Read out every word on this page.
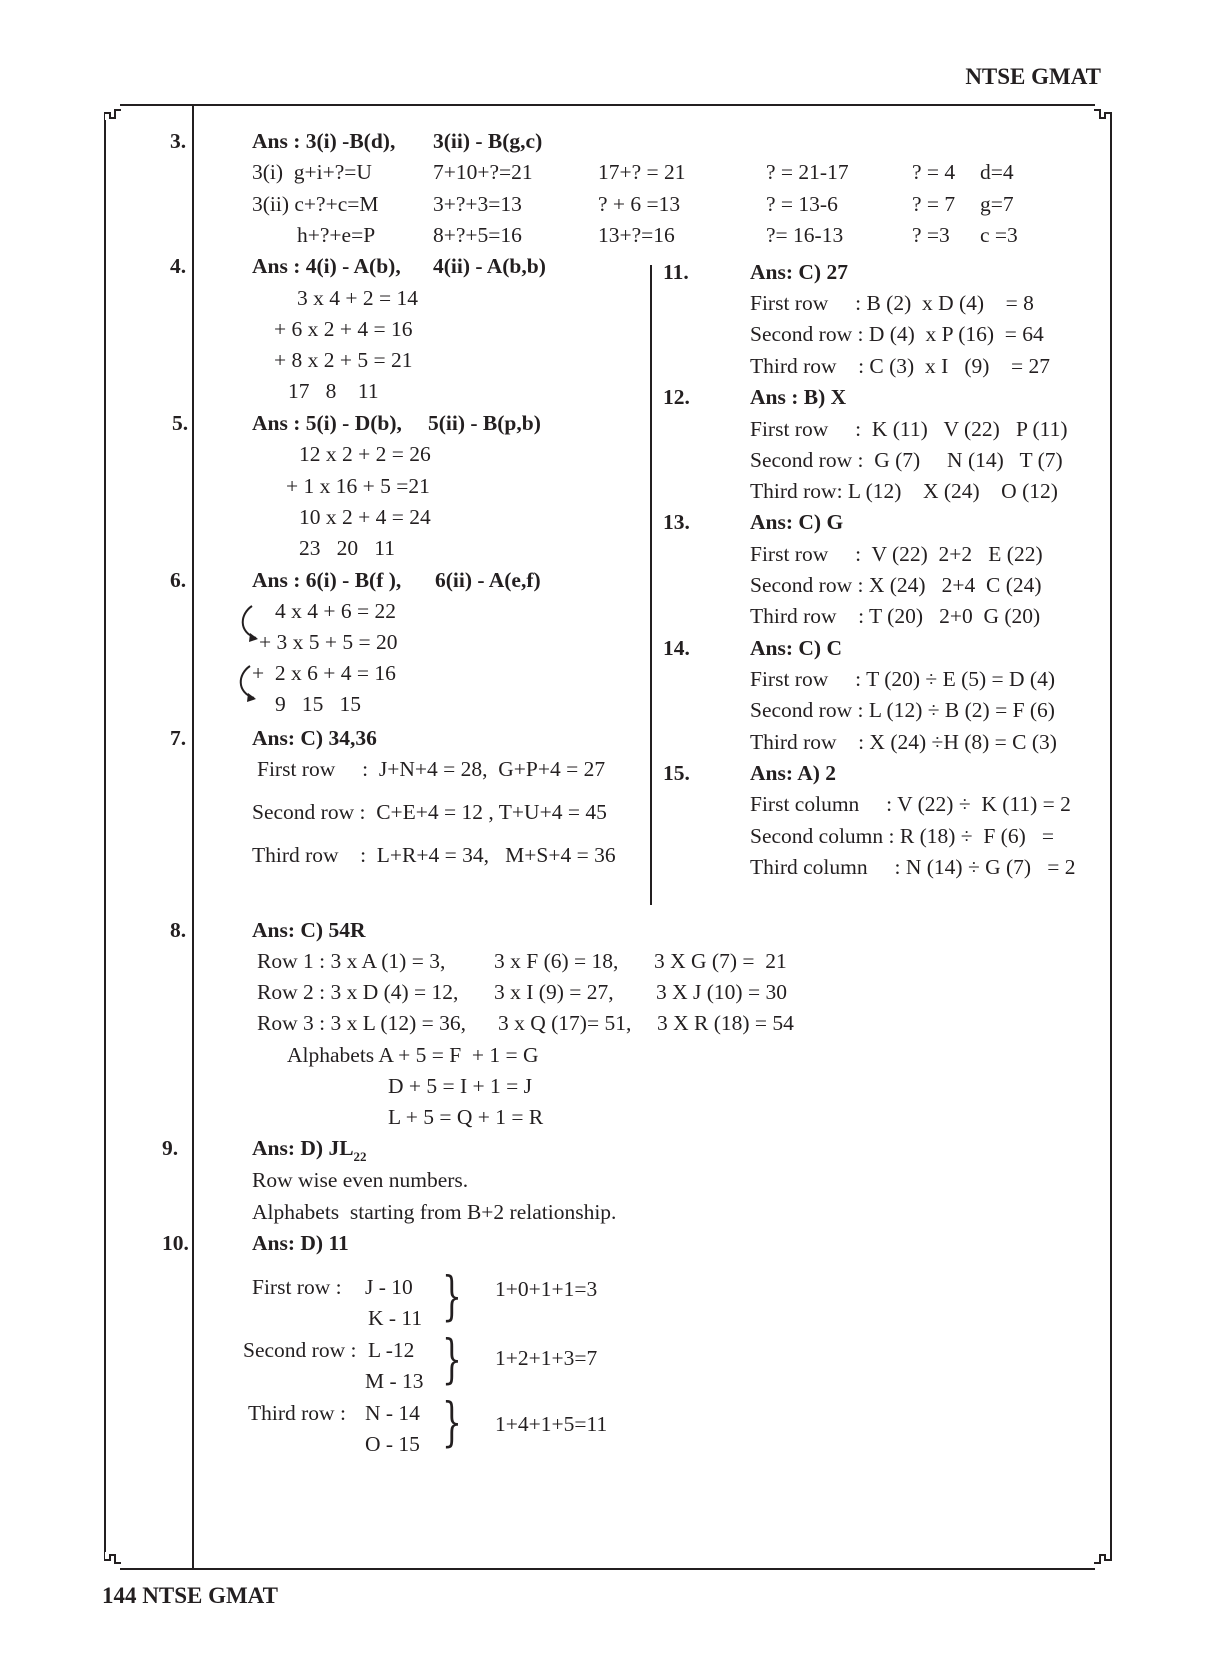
NTSE GMAT
144 NTSE GMAT
3.	Ans : 3(i) -B(d), 3(ii) - B(g,c)
3(i)  g+i+?=U	7+10+?=21	17+? = 21	? = 21-17	? = 4 d=4
3(ii) c+?+c=M	3+?+3=13	? + 6 =13	? = 13-6	? = 7 g=7
h+?+e=P	8+?+5=16	13+?=16	?= 16-13	? =3 c =3
4.	Ans : 4(i) - A(b), 4(ii) - A(b,b)
3 x 4 + 2 = 14
+ 6 x 2 + 4 = 16
+ 8 x 2 + 5 = 21
17   8    11
5.	Ans : 5(i) - D(b), 5(ii) - B(p,b)
12 x 2 + 2 = 26
+ 1 x 16 + 5 =21
10 x 2 + 4 = 24
23   20   11
6.	Ans : 6(i) - B(f ), 6(ii) - A(e,f)
4 x 4 + 6 = 22
+ 3 x 5 + 5 = 20
+  2 x 6 + 4 = 16
9   15   15
7.	Ans: C) 34,36
First row     :  J+N+4 = 28,  G+P+4 = 27
Second row :  C+E+4 = 12 , T+U+4 = 45
Third row    :  L+R+4 = 34,   M+S+4 = 36
11.	Ans: C) 27
First row     : B (2)  x D (4)    = 8
Second row : D (4)  x P (16)  = 64
Third row    : C (3)  x I   (9)    = 27
12.	Ans : B) X
First row     :  K (11)   V (22)   P (11)
Second row :  G (7)     N (14)   T (7)
Third row: L (12)    X (24)    O (12)
13.	Ans: C) G
First row     :  V (22)  2+2   E (22)
Second row : X (24)   2+4  C (24)
Third row    : T (20)   2+0  G (20)
14.	Ans: C) C
First row     : T (20) ÷ E (5) = D (4)
Second row : L (12) ÷ B (2) = F (6)
Third row    : X (24) ÷H (8) = C (3)
15.	Ans: A) 2
First column     : V (22) ÷  K (11) = 2
Second column : R (18) ÷  F (6)   =
Third column     : N (14) ÷ G (7)   = 2
8.	Ans: C) 54R
Row 1 : 3 x A (1) = 3, 3 x F (6) = 18, 3 X G (7) =  21
Row 2 : 3 x D (4) = 12, 3 x I (9) = 27, 3 X J (10) = 30
Row 3 : 3 x L (12) = 36, 3 x Q (17)= 51, 3 X R (18) = 54
Alphabets A + 5 = F  + 1 = G
D + 5 = I + 1 = J
L + 5 = Q + 1 = R
9.	Ans: D) $JL_{22}$
Row wise even numbers.
Alphabets  starting from B+2 relationship.
10.	Ans: D) 11
First row : J - 10
K - 11 } 1+0+1+1=3
Second row : L -12
M - 13 } 1+2+1+3=7
Third row : N - 14
O - 15 } 1+4+1+5=11
